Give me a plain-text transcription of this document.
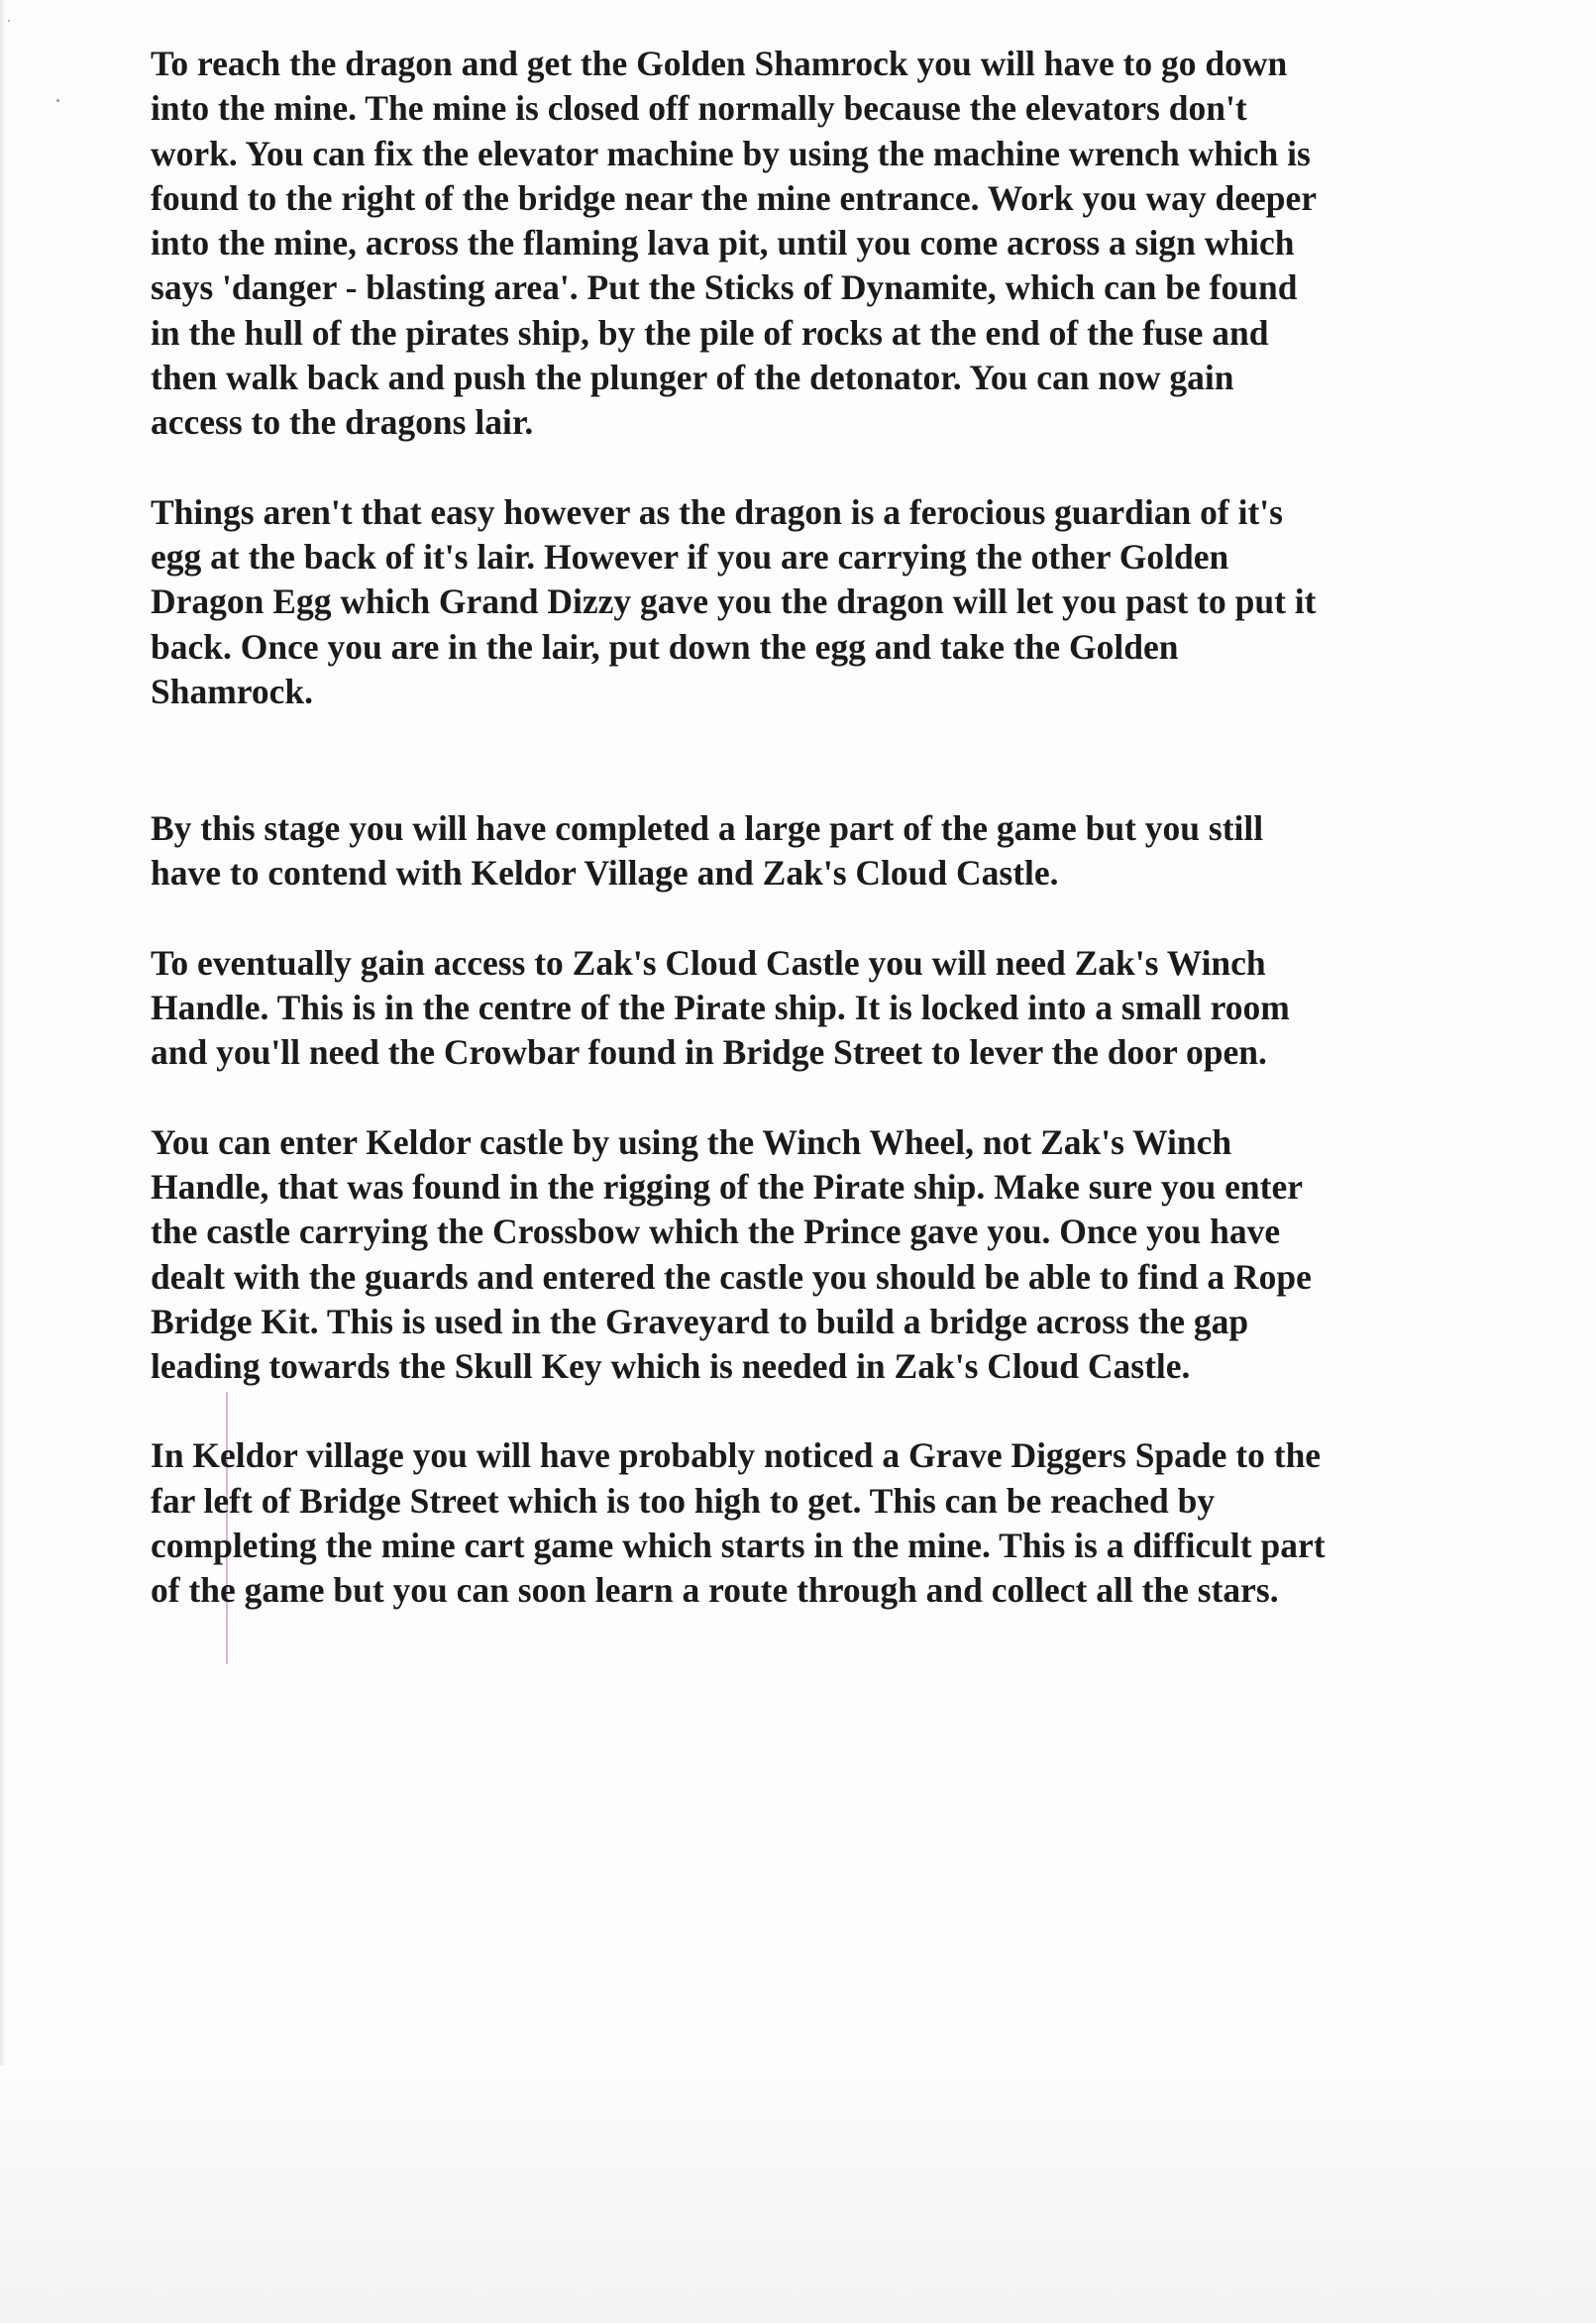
To reach the dragon and get the Golden Shamrock you will have to go down
into the mine. The mine is closed off normally because the elevators don't
work. You can fix the elevator machine by using the machine wrench which is
found to the right of the bridge near the mine entrance. Work you way deeper
into the mine, across the flaming lava pit, until you come across a sign which
says 'danger - blasting area'. Put the Sticks of Dynamite, which can be found
in the hull of the pirates ship, by the pile of rocks at the end of the fuse and
then walk back and push the plunger of the detonator. You can now gain
access to the dragons lair.

Things aren't that easy however as the dragon is a ferocious guardian of it's
egg at the back of it's lair. However if you are carrying the other Golden
Dragon Egg which Grand Dizzy gave you the dragon will let you past to put it
back. Once you are in the lair, put down the egg and take the Golden
Shamrock.

By this stage you will have completed a large part of the game but you still
have to contend with Keldor Village and Zak's Cloud Castle.

To eventually gain access to Zak's Cloud Castle you will need Zak's Winch
Handle. This is in the centre of the Pirate ship. It is locked into a small room
and you'll need the Crowbar found in Bridge Street to lever the door open.

You can enter Keldor castle by using the Winch Wheel, not Zak's Winch
Handle, that was found in the rigging of the Pirate ship. Make sure you enter
the castle carrying the Crossbow which the Prince gave you. Once you have
dealt with the guards and entered the castle you should be able to find a Rope
Bridge Kit. This is used in the Graveyard to build a bridge across the gap
leading towards the Skull Key which is needed in Zak's Cloud Castle.

In Keldor village you will have probably noticed a Grave Diggers Spade to the
far left of Bridge Street which is too high to get. This can be reached by
completing the mine cart game which starts in the mine. This is a difficult part
of the game but you can soon learn a route through and collect all the stars.
